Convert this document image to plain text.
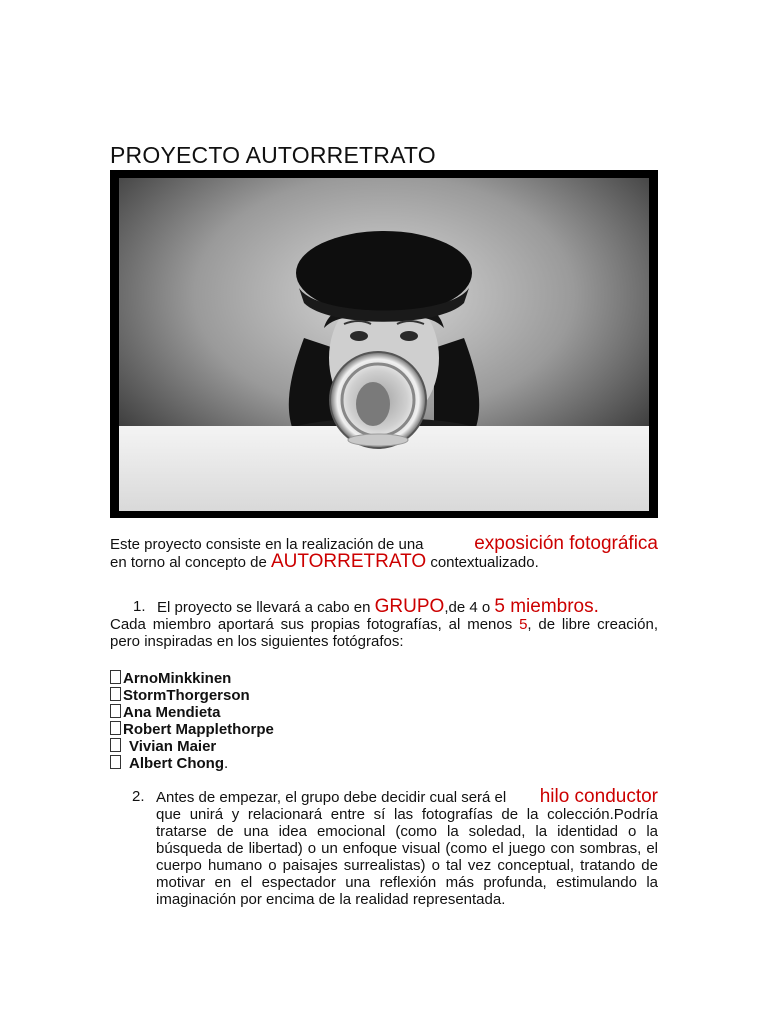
PROYECTO AUTORRETRATO
Este proyecto consiste en la realización de una	exposición fotográfica
en torno al concepto de AUTORRETRATO contextualizado.
1. El proyecto se llevará a cabo en GRUPO,de 4 o 5 miembros.
Cada miembro aportará sus propias fotografías, al menos 5, de libre creación, pero inspiradas en los siguientes fotógrafos:
ArnoMinkkinen
StormThorgerson
Ana Mendieta
Robert Mapplethorpe
Vivian Maier
Albert Chong.
2. Antes de empezar, el grupo debe decidir cual será el hilo conductor
que unirá y relacionará entre sí las fotografías de la colección.Podría tratarse de una idea emocional (como la soledad, la identidad o la búsqueda de libertad) o un enfoque visual (como el juego con sombras, el cuerpo humano o paisajes surrealistas) o tal vez conceptual, tratando de motivar en el espectador una reflexión más profunda, estimulando la imaginación por encima de la realidad representada.
